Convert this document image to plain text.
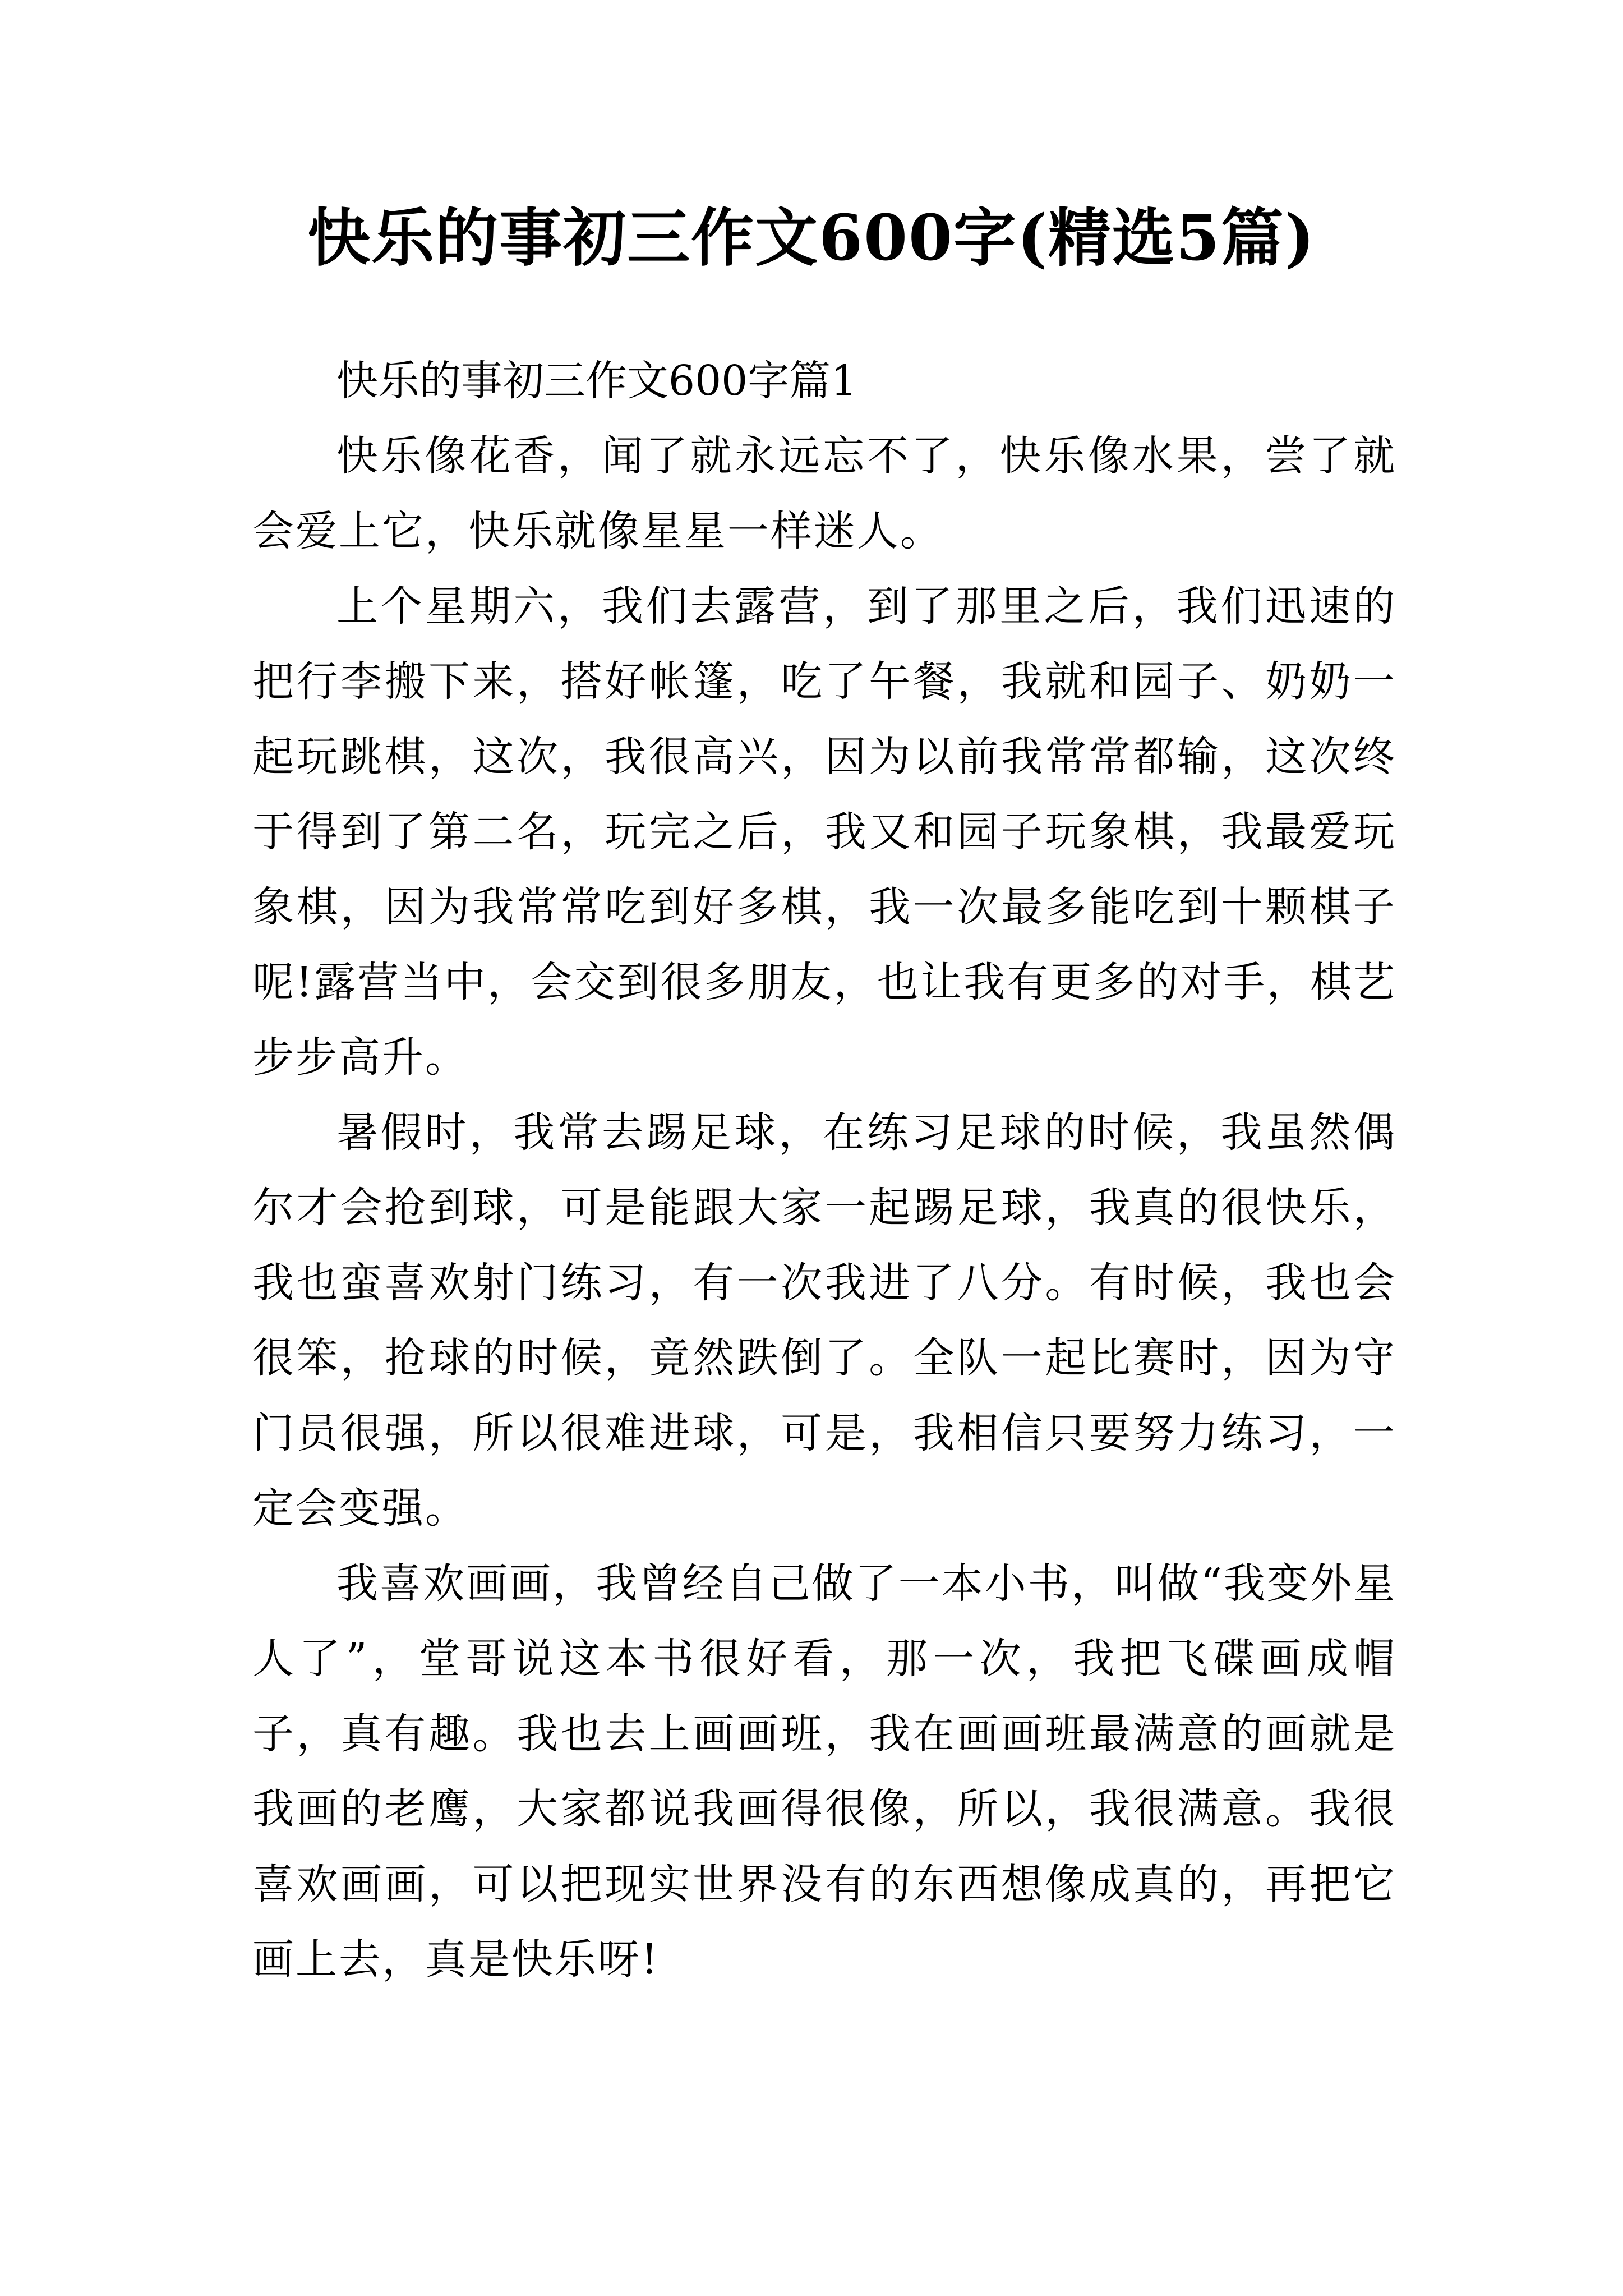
快乐的事初三作文600字(精选5篇)

快乐的事初三作文600字篇1

快乐像花香，闻了就永远忘不了，快乐像水果，尝了就会爱上它，快乐就像星星一样迷人。

上个星期六，我们去露营，到了那里之后，我们迅速的把行李搬下来，搭好帐篷，吃了午餐，我就和园子、奶奶一起玩跳棋，这次，我很高兴，因为以前我常常都输，这次终于得到了第二名，玩完之后，我又和园子玩象棋，我最爱玩象棋，因为我常常吃到好多棋，我一次最多能吃到十颗棋子呢!露营当中，会交到很多朋友，也让我有更多的对手，棋艺步步高升。

暑假时，我常去踢足球，在练习足球的时候，我虽然偶尔才会抢到球，可是能跟大家一起踢足球，我真的很快乐，我也蛮喜欢射门练习，有一次我进了八分。有时候，我也会很笨，抢球的时候，竟然跌倒了。全队一起比赛时，因为守门员很强，所以很难进球，可是，我相信只要努力练习，一定会变强。

我喜欢画画，我曾经自己做了一本小书，叫做“我变外星人了”，堂哥说这本书很好看，那一次，我把飞碟画成帽子，真有趣。我也去上画画班，我在画画班最满意的画就是我画的老鹰，大家都说我画得很像，所以，我很满意。我很喜欢画画，可以把现实世界没有的东西想像成真的，再把它画上去，真是快乐呀!
